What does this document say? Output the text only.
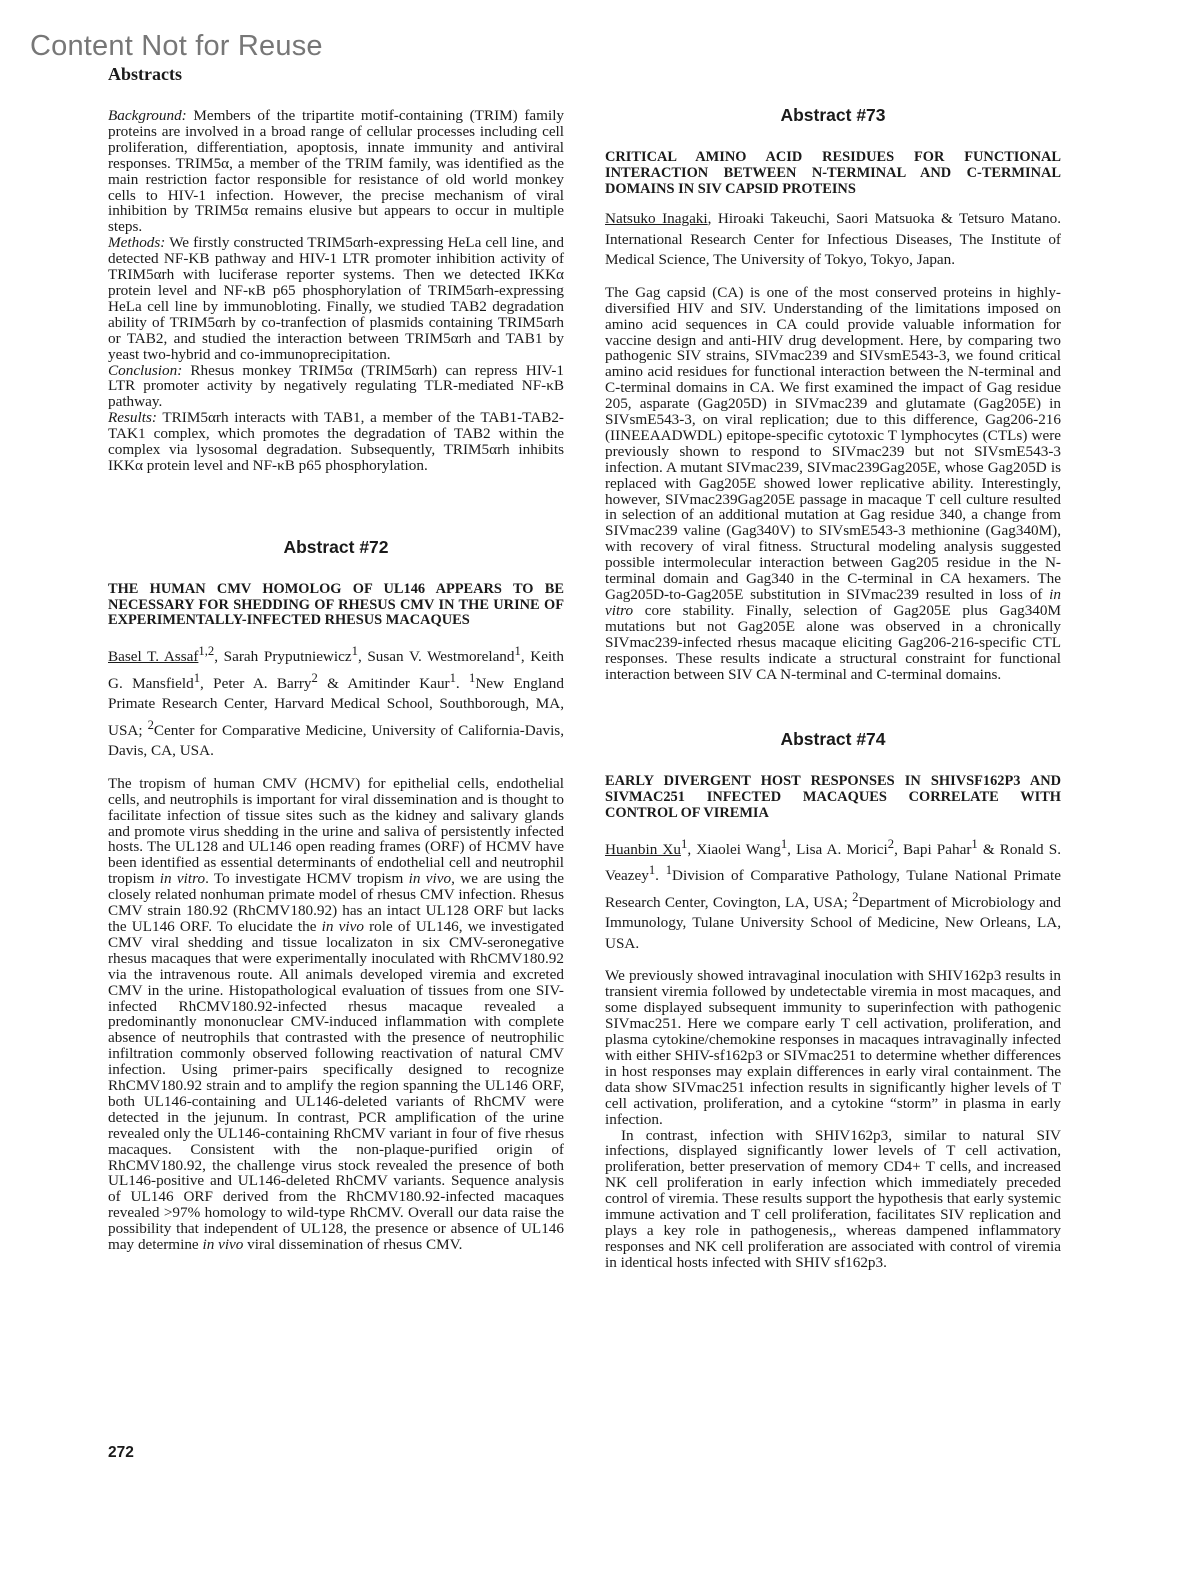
Content Not for Reuse
Abstracts

Background: Members of the tripartite motif-containing (TRIM) family proteins are involved in a broad range of cellular processes including cell proliferation, differentiation, apoptosis, innate immunity and antiviral responses. TRIM5α, a member of the TRIM family, was identified as the main restriction factor responsible for resistance of old world monkey cells to HIV-1 infection. However, the precise mechanism of viral inhibition by TRIM5α remains elusive but appears to occur in multiple steps.

Methods: We firstly constructed TRIM5αrh-expressing HeLa cell line, and detected NF-KB pathway and HIV-1 LTR promoter inhibition activity of TRIM5αrh with luciferase reporter systems. Then we detected IKKα protein level and NF-κB p65 phosphorylation of TRIM5αrh-expressing HeLa cell line by immunobloting. Finally, we studied TAB2 degradation ability of TRIM5αrh by co-tranfection of plasmids containing TRIM5αrh or TAB2, and studied the interaction between TRIM5αrh and TAB1 by yeast two-hybrid and co-immunoprecipitation.

Conclusion: Rhesus monkey TRIM5α (TRIM5αrh) can repress HIV-1 LTR promoter activity by negatively regulating TLR-mediated NF-κB pathway.

Results: TRIM5αrh interacts with TAB1, a member of the TAB1-TAB2-TAK1 complex, which promotes the degradation of TAB2 within the complex via lysosomal degradation. Subsequently, TRIM5αrh inhibits IKKα protein level and NF-κB p65 phosphorylation.

Abstract #72
THE HUMAN CMV HOMOLOG OF UL146 APPEARS TO BE NECESSARY FOR SHEDDING OF RHESUS CMV IN THE URINE OF EXPERIMENTALLY-INFECTED RHESUS MACAQUES
Basel T. Assaf$^{1,2}$, Sarah Pryputniewicz$^1$, Susan V. Westmoreland$^1$, Keith G. Mansfield$^1$, Peter A. Barry$^2$ & Amitinder Kaur$^1$. $^1$New England Primate Research Center, Harvard Medical School, Southborough, MA, USA; $^2$Center for Comparative Medicine, University of California-Davis, Davis, CA, USA.

The tropism of human CMV (HCMV) for epithelial cells, endothelial cells, and neutrophils is important for viral dissemination and is thought to facilitate infection of tissue sites such as the kidney and salivary glands and promote virus shedding in the urine and saliva of persistently infected hosts. The UL128 and UL146 open reading frames (ORF) of HCMV have been identified as essential determinants of endothelial cell and neutrophil tropism in vitro. To investigate HCMV tropism in vivo, we are using the closely related nonhuman primate model of rhesus CMV infection. Rhesus CMV strain 180.92 (RhCMV180.92) has an intact UL128 ORF but lacks the UL146 ORF. To elucidate the in vivo role of UL146, we investigated CMV viral shedding and tissue localizaton in six CMV-seronegative rhesus macaques that were experimentally inoculated with RhCMV180.92 via the intravenous route. All animals developed viremia and excreted CMV in the urine. Histopathological evaluation of tissues from one SIV-infected RhCMV180.92-infected rhesus macaque revealed a predominantly mononuclear CMV-induced inflammation with complete absence of neutrophils that contrasted with the presence of neutrophilic infiltration commonly observed following reactivation of natural CMV infection. Using primer-pairs specifically designed to recognize RhCMV180.92 strain and to amplify the region spanning the UL146 ORF, both UL146-containing and UL146-deleted variants of RhCMV were detected in the jejunum. In contrast, PCR amplification of the urine revealed only the UL146-containing RhCMV variant in four of five rhesus macaques. Consistent with the non-plaque-purified origin of RhCMV180.92, the challenge virus stock revealed the presence of both UL146-positive and UL146-deleted RhCMV variants. Sequence analysis of UL146 ORF derived from the RhCMV180.92-infected macaques revealed >97% homology to wild-type RhCMV. Overall our data raise the possibility that independent of UL128, the presence or absence of UL146 may determine in vivo viral dissemination of rhesus CMV.

Abstract #73
CRITICAL AMINO ACID RESIDUES FOR FUNCTIONAL INTERACTION BETWEEN N-TERMINAL AND C-TERMINAL DOMAINS IN SIV CAPSID PROTEINS
Natsuko Inagaki, Hiroaki Takeuchi, Saori Matsuoka & Tetsuro Matano. International Research Center for Infectious Diseases, The Institute of Medical Science, The University of Tokyo, Tokyo, Japan.

The Gag capsid (CA) is one of the most conserved proteins in highly-diversified HIV and SIV. Understanding of the limitations imposed on amino acid sequences in CA could provide valuable information for vaccine design and anti-HIV drug development. Here, by comparing two pathogenic SIV strains, SIVmac239 and SIVsmE543-3, we found critical amino acid residues for functional interaction between the N-terminal and C-terminal domains in CA. We first examined the impact of Gag residue 205, asparate (Gag205D) in SIVmac239 and glutamate (Gag205E) in SIVsmE543-3, on viral replication; due to this difference, Gag206-216 (IINEEAADWDL) epitope-specific cytotoxic T lymphocytes (CTLs) were previously shown to respond to SIVmac239 but not SIVsmE543-3 infection. A mutant SIVmac239, SIVmac239Gag205E, whose Gag205D is replaced with Gag205E showed lower replicative ability. Interestingly, however, SIVmac239Gag205E passage in macaque T cell culture resulted in selection of an additional mutation at Gag residue 340, a change from SIVmac239 valine (Gag340V) to SIVsmE543-3 methionine (Gag340M), with recovery of viral fitness. Structural modeling analysis suggested possible intermolecular interaction between Gag205 residue in the N-terminal domain and Gag340 in the C-terminal in CA hexamers. The Gag205D-to-Gag205E substitution in SIVmac239 resulted in loss of in vitro core stability. Finally, selection of Gag205E plus Gag340M mutations but not Gag205E alone was observed in a chronically SIVmac239-infected rhesus macaque eliciting Gag206-216-specific CTL responses. These results indicate a structural constraint for functional interaction between SIV CA N-terminal and C-terminal domains.

Abstract #74
EARLY DIVERGENT HOST RESPONSES IN SHIVSF162P3 AND SIVMAC251 INFECTED MACAQUES CORRELATE WITH CONTROL OF VIREMIA
Huanbin Xu$^1$, Xiaolei Wang$^1$, Lisa A. Morici$^2$, Bapi Pahar$^1$ & Ronald S. Veazey$^1$. $^1$Division of Comparative Pathology, Tulane National Primate Research Center, Covington, LA, USA; $^2$Department of Microbiology and Immunology, Tulane University School of Medicine, New Orleans, LA, USA.

We previously showed intravaginal inoculation with SHIV162p3 results in transient viremia followed by undetectable viremia in most macaques, and some displayed subsequent immunity to superinfection with pathogenic SIVmac251. Here we compare early T cell activation, proliferation, and plasma cytokine/chemokine responses in macaques intravaginally infected with either SHIV-sf162p3 or SIVmac251 to determine whether differences in host responses may explain differences in early viral containment. The data show SIVmac251 infection results in significantly higher levels of T cell activation, proliferation, and a cytokine “storm” in plasma in early infection.

In contrast, infection with SHIV162p3, similar to natural SIV infections, displayed significantly lower levels of T cell activation, proliferation, better preservation of memory CD4+ T cells, and increased NK cell proliferation in early infection which immediately preceded control of viremia. These results support the hypothesis that early systemic immune activation and T cell proliferation, facilitates SIV replication and plays a key role in pathogenesis,, whereas dampened inflammatory responses and NK cell proliferation are associated with control of viremia in identical hosts infected with SHIV sf162p3.

272
